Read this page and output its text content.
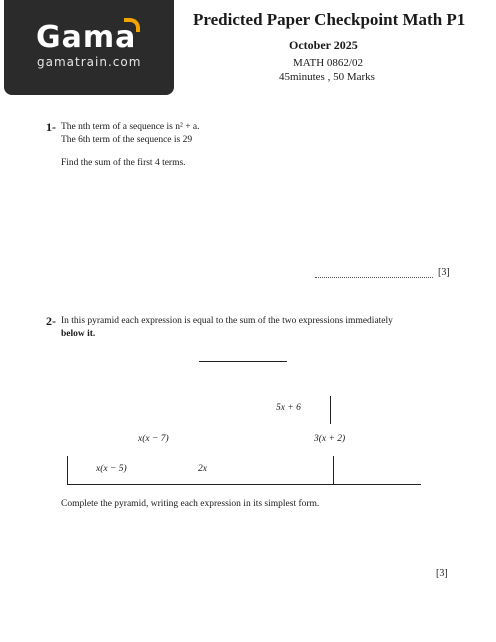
Gama
gamatrain.com
Predicted Paper Checkpoint Math P1
October 2025
MATH 0862/02
45minutes , 50 Marks
1- The nth term of a sequence is n² + a.
The 6th term of the sequence is 29
Find the sum of the first 4 terms.
[3]
2- In this pyramid each expression is equal to the sum of the two expressions immediately
below it.
5x + 6
x(x − 7)	3(x + 2)
x(x − 5)	2x
Complete the pyramid, writing each expression in its simplest form.
[3]
